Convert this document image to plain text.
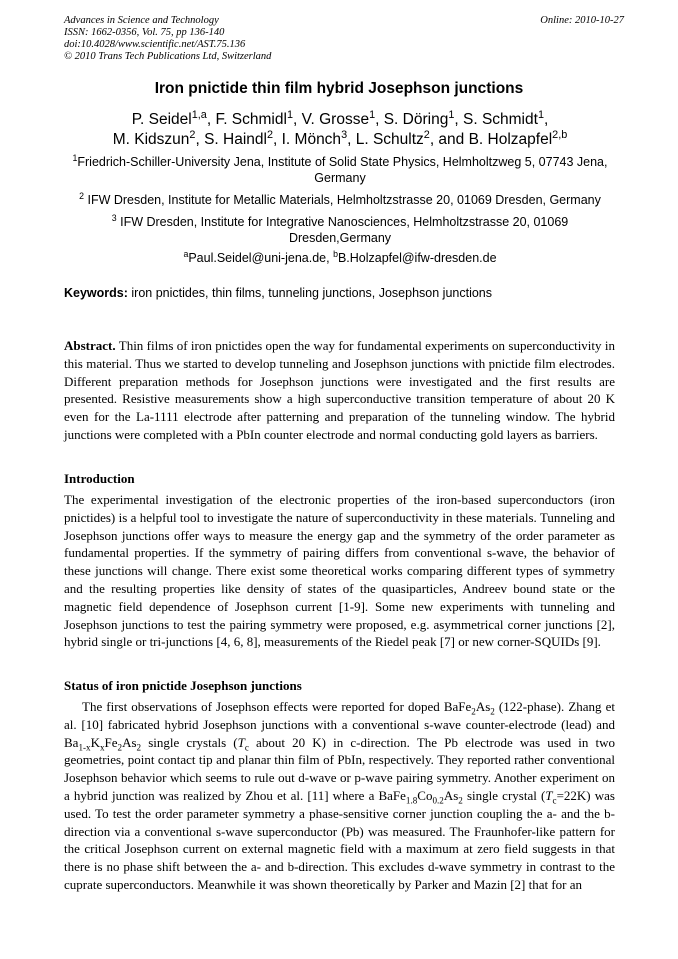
Advances in Science and Technology
ISSN: 1662-0356, Vol. 75, pp 136-140
doi:10.4028/www.scientific.net/AST.75.136
© 2010 Trans Tech Publications Ltd, Switzerland
Online: 2010-10-27
Iron pnictide thin film hybrid Josephson junctions
P. Seidel$^{1,a}$, F. Schmidl$^1$, V. Grosse$^1$, S. Döring$^1$, S. Schmidt$^1$,
M. Kidszun$^2$, S. Haindl$^2$, I. Mönch$^3$, L. Schultz$^2$, and B. Holzapfel$^{2,b}$
$^1$Friedrich-Schiller-University Jena, Institute of Solid State Physics, Helmholtzweg 5, 07743 Jena,
Germany
$^2$ IFW Dresden, Institute for Metallic Materials, Helmholtzstrasse 20, 01069 Dresden, Germany
$^3$ IFW Dresden, Institute for Integrative Nanosciences, Helmholtzstrasse 20, 01069
Dresden,Germany
$^a$Paul.Seidel@uni-jena.de, $^b$B.Holzapfel@ifw-dresden.de
Keywords: iron pnictides, thin films, tunneling junctions, Josephson junctions

Abstract. Thin films of iron pnictides open the way for fundamental experiments on superconductivity in this material. Thus we started to develop tunneling and Josephson junctions with pnictide film electrodes. Different preparation methods for Josephson junctions were investigated and the first results are presented. Resistive measurements show a high superconductive transition temperature of about 20 K even for the La-1111 electrode after patterning and preparation of the tunneling window. The hybrid junctions were completed with a PbIn counter electrode and normal conducting gold layers as barriers.

Introduction

The experimental investigation of the electronic properties of the iron-based superconductors (iron pnictides) is a helpful tool to investigate the nature of superconductivity in these materials. Tunneling and Josephson junctions offer ways to measure the energy gap and the symmetry of the order parameter as fundamental properties. If the symmetry of pairing differs from conventional s-wave, the behavior of these junctions will change. There exist some theoretical works comparing different types of symmetry and the resulting properties like density of states of the quasiparticles, Andreev bound state or the magnetic field dependence of Josephson current [1-9]. Some new experiments with tunneling and Josephson junctions to test the pairing symmetry were proposed, e.g. asymmetrical corner junctions [2], hybrid single or tri-junctions [4, 6, 8], measurements of the Riedel peak [7] or new corner-SQUIDs [9].

Status of iron pnictide Josephson junctions

The first observations of Josephson effects were reported for doped $BaFe_2As_2$ (122-phase). Zhang et al. [10] fabricated hybrid Josephson junctions with a conventional s-wave counter-electrode (lead) and $Ba_{1-x}K_xFe_2As_2$ single crystals ($T_c$ about 20 K) in c-direction. The Pb electrode was used in two geometries, point contact tip and planar thin film of PbIn, respectively. They reported rather conventional Josephson behavior which seems to rule out d-wave or p-wave pairing symmetry. Another experiment on a hybrid junction was realized by Zhou et al. [11] where a $BaFe_{1.8}Co_{0.2}As_2$ single crystal $(T_c=22K)$ was used. To test the order parameter symmetry a phase-sensitive corner junction coupling the a- and the b-direction via a conventional s-wave superconductor (Pb) was measured. The Fraunhofer-like pattern for the critical Josephson current on external magnetic field with a maximum at zero field suggests in that there is no phase shift between the a- and b-direction. This excludes d-wave symmetry in contrast to the cuprate superconductors. Meanwhile it was shown theoretically by Parker and Mazin [2] that for an
